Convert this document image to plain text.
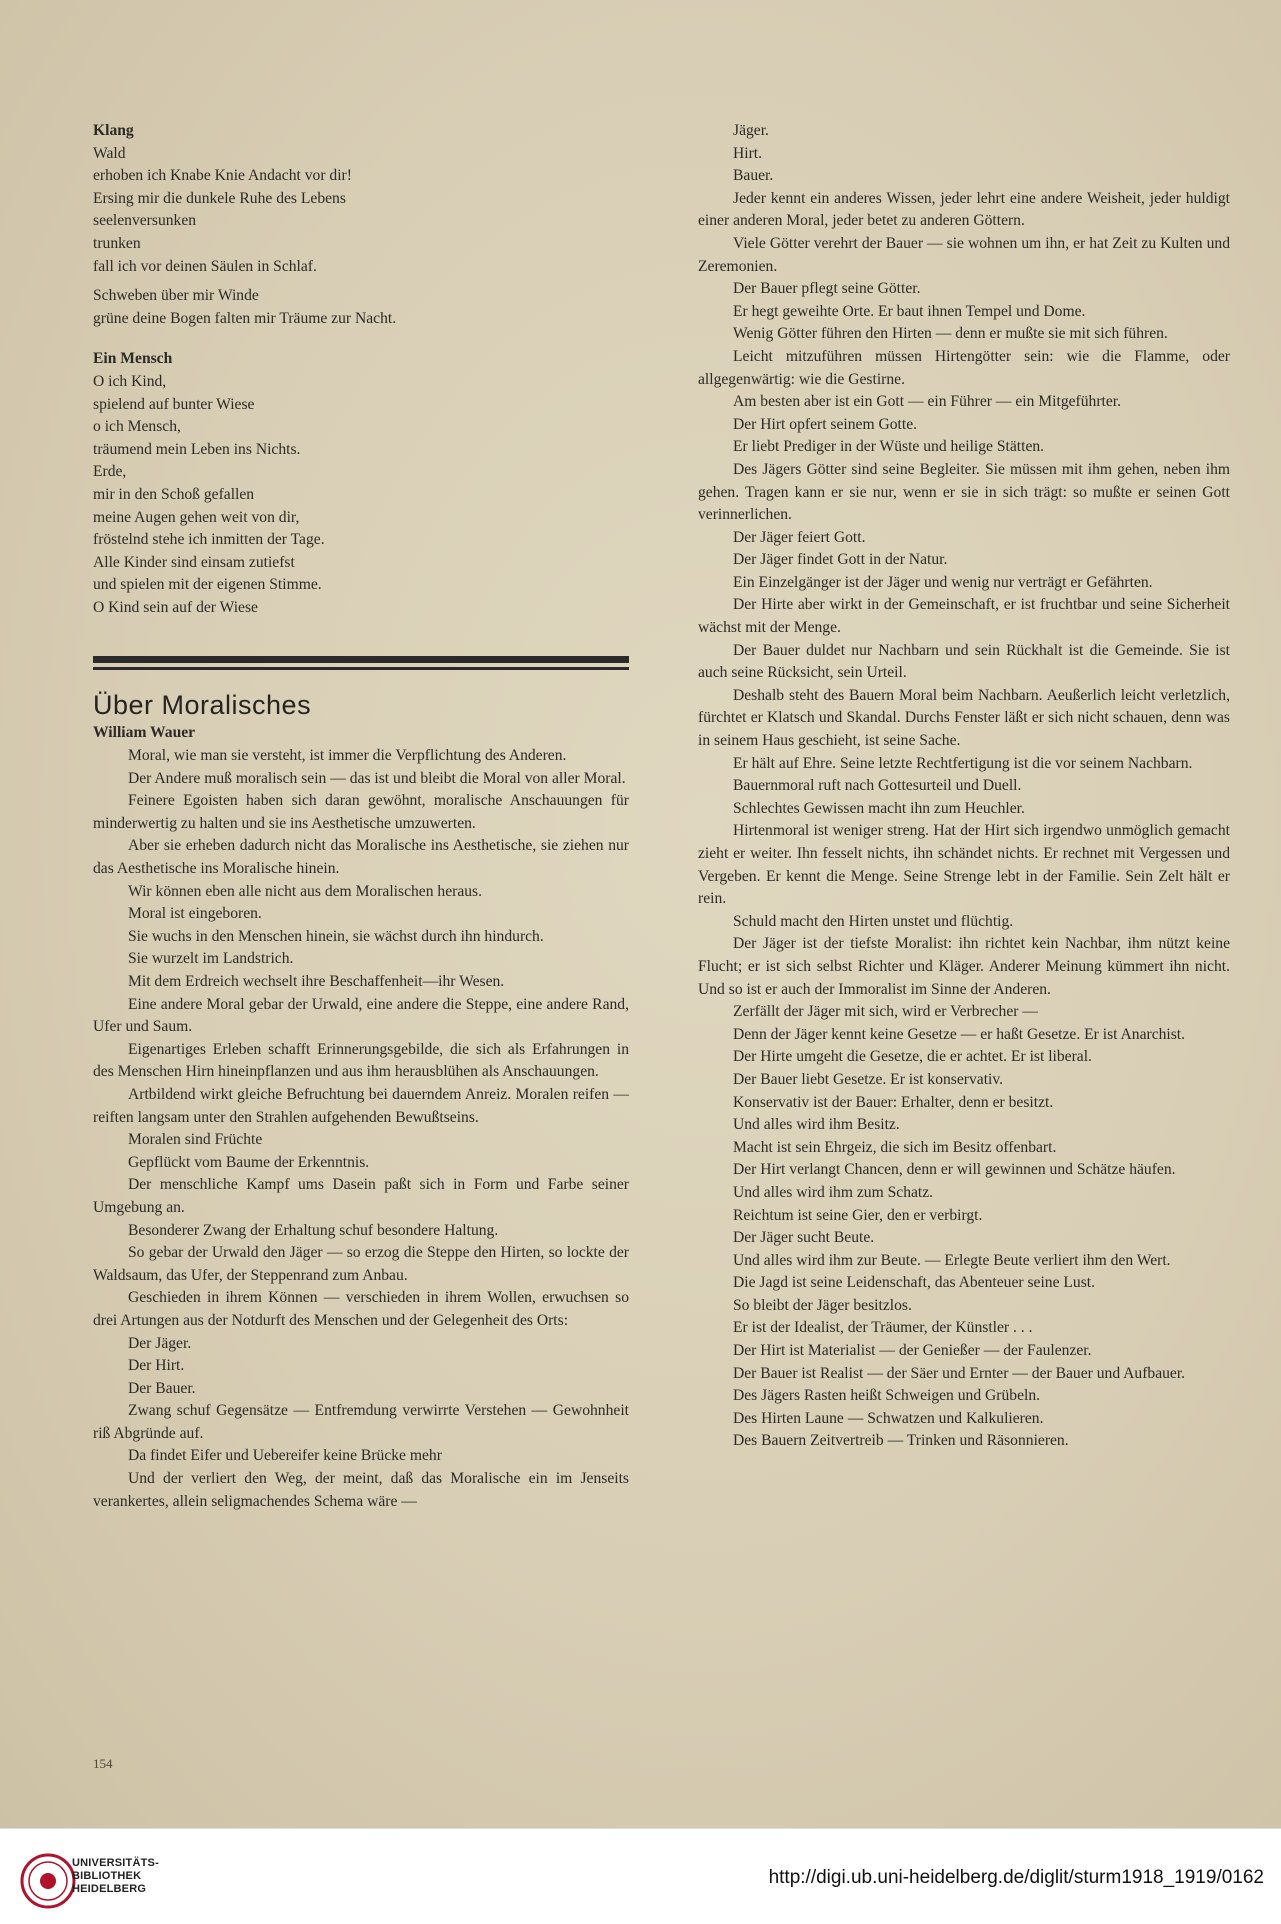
Klang

Wald

erhoben ich Knabe Knie Andacht vor dir!

Ersing mir die dunkele Ruhe des Lebens

seelenversunken

trunken

fall ich vor deinen Säulen in Schlaf.

Schweben über mir Winde

grüne deine Bogen falten mir Träume zur Nacht.

Ein Mensch

O ich Kind,

spielend auf bunter Wiese

o ich Mensch,

träumend mein Leben ins Nichts.

Erde,

mir in den Schoß gefallen

meine Augen gehen weit von dir,

fröstelnd stehe ich inmitten der Tage.

Alle Kinder sind einsam zutiefst

und spielen mit der eigenen Stimme.

O Kind sein auf der Wiese

Über Moralisches

William Wauer

Moral, wie man sie versteht, ist immer die Verpflichtung des Anderen.

Der Andere muß moralisch sein — das ist und bleibt die Moral von aller Moral.

Feinere Egoisten haben sich daran gewöhnt, moralische Anschauungen für minderwertig zu halten und sie ins Aesthetische umzuwerten.

Aber sie erheben dadurch nicht das Moralische ins Aesthetische, sie ziehen nur das Aesthetische ins Moralische hinein.

Wir können eben alle nicht aus dem Moralischen heraus.

Moral ist eingeboren.

Sie wuchs in den Menschen hinein, sie wächst durch ihn hindurch.

Sie wurzelt im Landstrich.

Mit dem Erdreich wechselt ihre Beschaffenheit—ihr Wesen.

Eine andere Moral gebar der Urwald, eine andere die Steppe, eine andere Rand, Ufer und Saum.

Eigenartiges Erleben schafft Erinnerungsgebilde, die sich als Erfahrungen in des Menschen Hirn hineinpflanzen und aus ihm herausblühen als Anschauungen.

Artbildend wirkt gleiche Befruchtung bei dauerndem Anreiz. Moralen reifen — reiften langsam unter den Strahlen aufgehenden Bewußtseins.

Moralen sind Früchte

Gepflückt vom Baume der Erkenntnis.

Der menschliche Kampf ums Dasein paßt sich in Form und Farbe seiner Umgebung an.

Besonderer Zwang der Erhaltung schuf besondere Haltung.

So gebar der Urwald den Jäger — so erzog die Steppe den Hirten, so lockte der Waldsaum, das Ufer, der Steppenrand zum Anbau.

Geschieden in ihrem Können — verschieden in ihrem Wollen, erwuchsen so drei Artungen aus der Notdurft des Menschen und der Gelegenheit des Orts:

Der Jäger.

Der Hirt.

Der Bauer.

Zwang schuf Gegensätze — Entfremdung verwirrte Verstehen — Gewohnheit riß Abgründe auf.

Da findet Eifer und Uebereifer keine Brücke mehr

Und der verliert den Weg, der meint, daß das Moralische ein im Jenseits verankertes, allein seligmachendes Schema wäre —

Jäger.

Hirt.

Bauer.

Jeder kennt ein anderes Wissen, jeder lehrt eine andere Weisheit, jeder huldigt einer anderen Moral, jeder betet zu anderen Göttern.

Viele Götter verehrt der Bauer — sie wohnen um ihn, er hat Zeit zu Kulten und Zeremonien.

Der Bauer pflegt seine Götter.

Er hegt geweihte Orte. Er baut ihnen Tempel und Dome.

Wenig Götter führen den Hirten — denn er mußte sie mit sich führen.

Leicht mitzuführen müssen Hirtengötter sein: wie die Flamme, oder allgegenwärtig: wie die Gestirne.

Am besten aber ist ein Gott — ein Führer — ein Mitgeführter.

Der Hirt opfert seinem Gotte.

Er liebt Prediger in der Wüste und heilige Stätten.

Des Jägers Götter sind seine Begleiter. Sie müssen mit ihm gehen, neben ihm gehen. Tragen kann er sie nur, wenn er sie in sich trägt: so mußte er seinen Gott verinnerlichen.

Der Jäger feiert Gott.

Der Jäger findet Gott in der Natur.

Ein Einzelgänger ist der Jäger und wenig nur verträgt er Gefährten.

Der Hirte aber wirkt in der Gemeinschaft, er ist fruchtbar und seine Sicherheit wächst mit der Menge.

Der Bauer duldet nur Nachbarn und sein Rückhalt ist die Gemeinde. Sie ist auch seine Rücksicht, sein Urteil.

Deshalb steht des Bauern Moral beim Nachbarn. Aeußerlich leicht verletzlich, fürchtet er Klatsch und Skandal. Durchs Fenster läßt er sich nicht schauen, denn was in seinem Haus geschieht, ist seine Sache.

Er hält auf Ehre. Seine letzte Rechtfertigung ist die vor seinem Nachbarn.

Bauernmoral ruft nach Gottesurteil und Duell.

Schlechtes Gewissen macht ihn zum Heuchler.

Hirtenmoral ist weniger streng. Hat der Hirt sich irgendwo unmöglich gemacht zieht er weiter. Ihn fesselt nichts, ihn schändet nichts. Er rechnet mit Vergessen und Vergeben. Er kennt die Menge. Seine Strenge lebt in der Familie. Sein Zelt hält er rein.

Schuld macht den Hirten unstet und flüchtig.

Der Jäger ist der tiefste Moralist: ihn richtet kein Nachbar, ihm nützt keine Flucht; er ist sich selbst Richter und Kläger. Anderer Meinung kümmert ihn nicht. Und so ist er auch der Immoralist im Sinne der Anderen.

Zerfällt der Jäger mit sich, wird er Verbrecher —

Denn der Jäger kennt keine Gesetze — er haßt Gesetze. Er ist Anarchist.

Der Hirte umgeht die Gesetze, die er achtet. Er ist liberal.

Der Bauer liebt Gesetze. Er ist konservativ.

Konservativ ist der Bauer: Erhalter, denn er besitzt.

Und alles wird ihm Besitz.

Macht ist sein Ehrgeiz, die sich im Besitz offenbart.

Der Hirt verlangt Chancen, denn er will gewinnen und Schätze häufen.

Und alles wird ihm zum Schatz.

Reichtum ist seine Gier, den er verbirgt.

Der Jäger sucht Beute.

Und alles wird ihm zur Beute. — Erlegte Beute verliert ihm den Wert.

Die Jagd ist seine Leidenschaft, das Abenteuer seine Lust.

So bleibt der Jäger besitzlos.

Er ist der Idealist, der Träumer, der Künstler . . .

Der Hirt ist Materialist — der Genießer — der Faulenzer.

Der Bauer ist Realist — der Säer und Ernter — der Bauer und Aufbauer.

Des Jägers Rasten heißt Schweigen und Grübeln.

Des Hirten Laune — Schwatzen und Kalkulieren.

Des Bauern Zeitvertreib — Trinken und Räsonnieren.

154
UNIVERSITÄTS-
BIBLIOTHEK
HEIDELBERG
http://digi.ub.uni-heidelberg.de/diglit/sturm1918_1919/0162
